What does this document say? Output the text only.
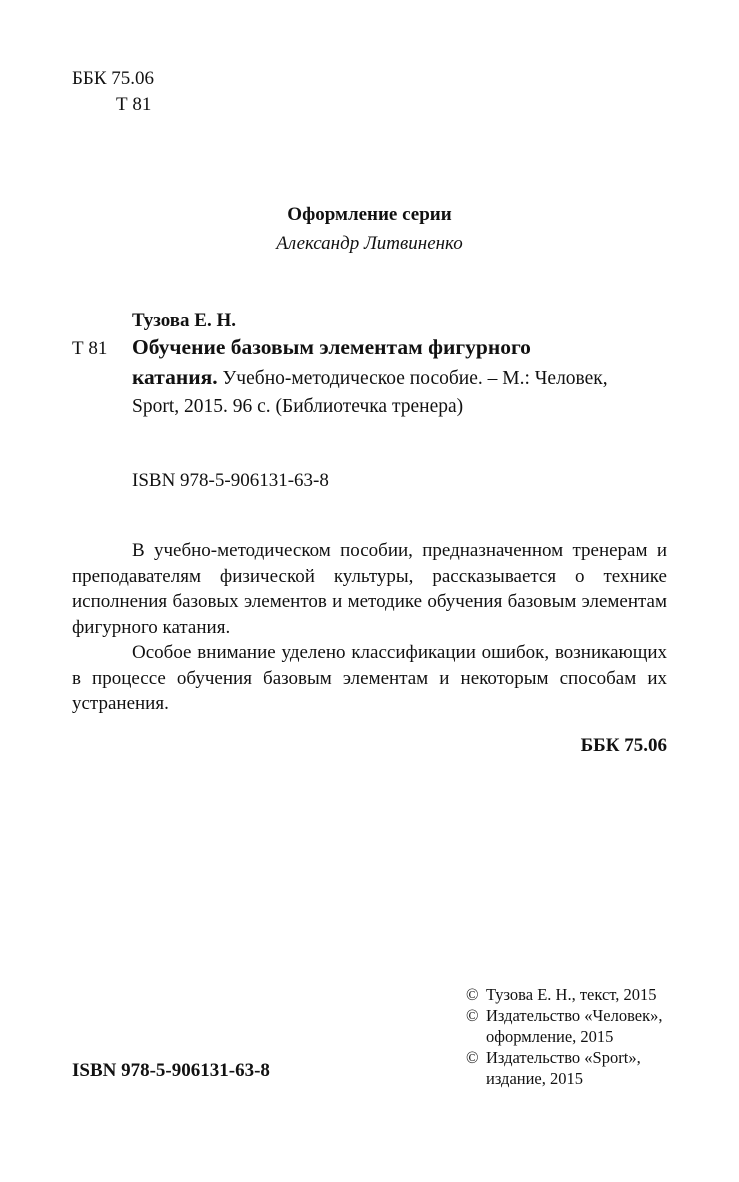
ББК 75.06
Т 81
Оформление серии
Александр Литвиненко
Тузова Е. Н.
Т 81 Обучение базовым элементам фигурного
катания. Учебно-методическое пособие. – М.: Человек,
Sport, 2015. 96 с. (Библиотечка тренера)
ISBN 978-5-906131-63-8

В учебно-методическом пособии, предназначенном тренерам и преподавателям физической культуры, рассказывается о технике исполнения базовых элементов и методике обучения базовым элементам фигурного катания.

Особое внимание уделено классификации ошибок, возникающих в процессе обучения базовым элементам и некоторым способам их устранения.

ББК 75.06
© Тузова Е. Н., текст, 2015
© Издательство «Человек», оформление, 2015
© Издательство «Sport», издание, 2015
ISBN 978-5-906131-63-8
